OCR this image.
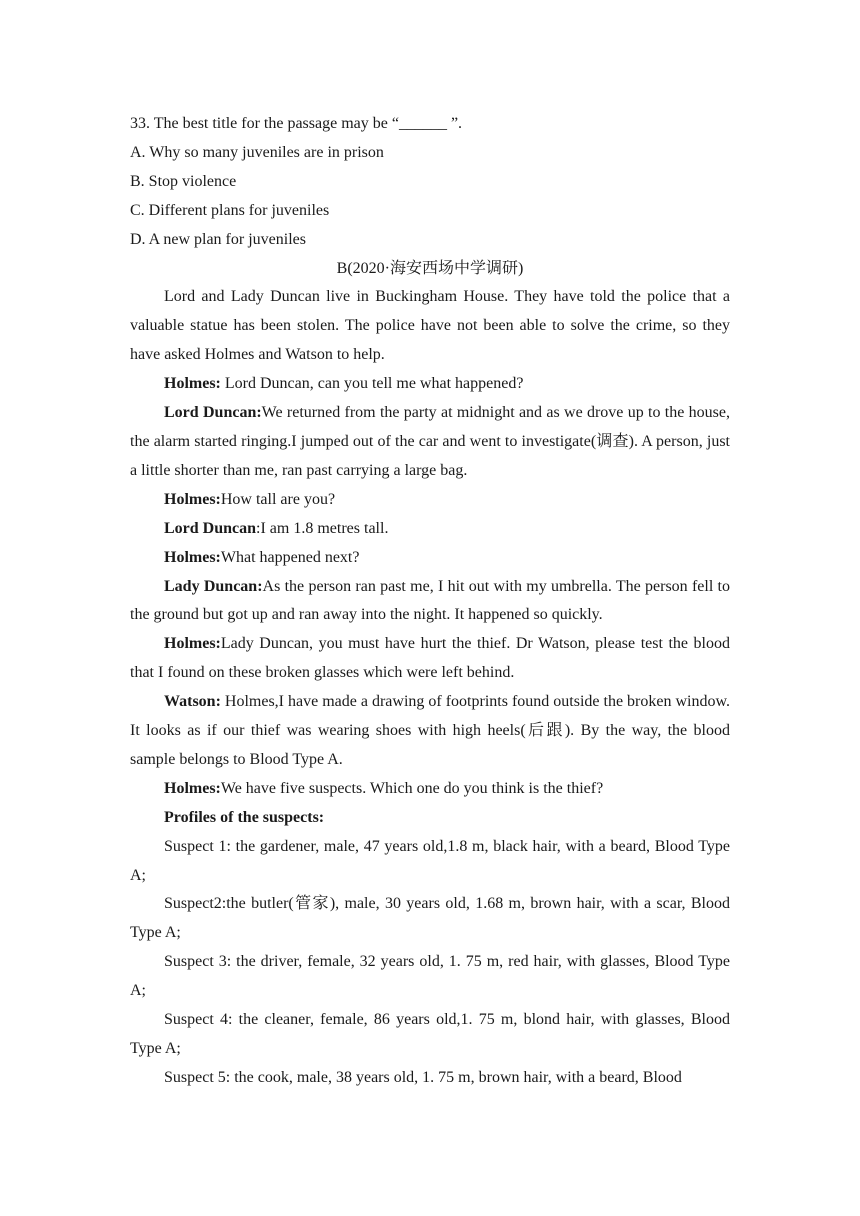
33. The best title for the passage may be “______ ”.

A. Why so many juveniles are in prison

B. Stop violence

C. Different plans for juveniles

D. A new plan for juveniles

B(2020·海安西场中学调研)

Lord and Lady Duncan live in Buckingham House. They have told the police that a valuable statue has been stolen. The police have not been able to solve the crime, so they have asked Holmes and Watson to help.

Holmes: Lord Duncan, can you tell me what happened?

Lord Duncan:We returned from the party at midnight and as we drove up to the house, the alarm started ringing.I jumped out of the car and went to investigate(调查). A person, just a little shorter than me, ran past carrying a large bag.

Holmes:How tall are you?

Lord Duncan:I am 1.8 metres tall.

Holmes:What happened next?

Lady Duncan:As the person ran past me, I hit out with my umbrella. The person fell to the ground but got up and ran away into the night. It happened so quickly.

Holmes:Lady Duncan, you must have hurt the thief. Dr Watson, please test the blood that I found on these broken glasses which were left behind.

Watson: Holmes,I have made a drawing of footprints found outside the broken window. It looks as if our thief was wearing shoes with high heels(后跟). By the way, the blood sample belongs to Blood Type A.

Holmes:We have five suspects. Which one do you think is the thief?

Profiles of the suspects:

Suspect 1: the gardener, male, 47 years old,1.8 m, black hair, with a beard, Blood Type A;

Suspect2:the butler(管家), male, 30 years old, 1.68 m, brown hair, with a scar, Blood Type A;

Suspect 3: the driver, female, 32 years old, 1. 75 m, red hair, with glasses, Blood Type A;

Suspect 4: the cleaner, female, 86 years old,1. 75 m, blond hair, with glasses, Blood Type A;

Suspect 5: the cook, male, 38 years old, 1. 75 m, brown hair, with a beard, Blood
